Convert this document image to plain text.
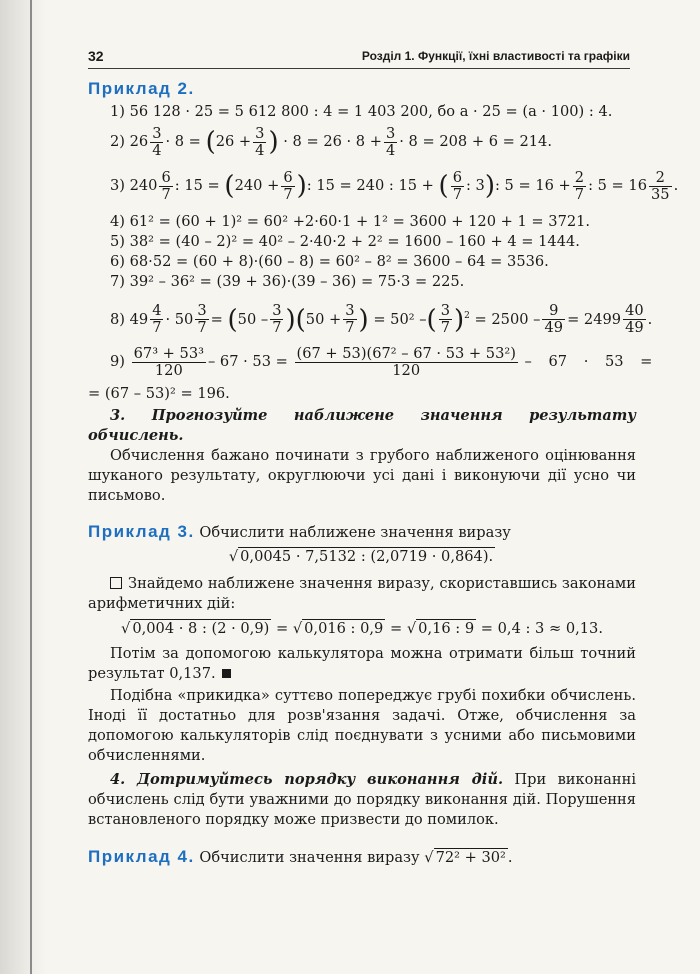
32	Розділ 1. Функції, їхні властивості та графіки
Приклад 2.
1) 56 128 · 25 = 5 612 800 : 4 = 1 403 200, бо a · 25 = (a · 100) : 4.
2) $26 \frac{3}{4} \cdot 8 = (26 + \frac{3}{4}$ ) · $8 = 26 \cdot 8 + \frac{3}{4} \cdot 8 = 208 + 6 = 214$.
3) $240 \frac{6}{7}$ : $15 = (240 + \frac{6}{7}$ ): 15 = 240 : 15 + ( $\frac{6}{7}$ : 3): $5 = 16 + \frac{2}{7}$ : $5 = 16 \frac{2}{35}$ .
4) 61² = (60 + 1)² = 60² +2·60·1 + 1² = 3600 + 120 + 1 = 3721.
5) 38² = (40 – 2)² = 40² – 2·40·2 + 2² = 1600 – 160 + 4 = 1444.
6) 68·52 = (60 + 8)·(60 – 8) = 60² – 8² = 3600 – 64 = 3536.
7) 39² – 36² = (39 + 36)·(39 – 36) = 75·3 = 225.
8) $49 \frac{4}{7} \cdot 50 \frac{3}{7} = (50 - \frac{3}{7} )(50 + \frac{3}{7}$ ) = 50² –( $\frac{3}{7} )^2 = 2500 - \frac{9}{49} = 2499 \frac{40}{49}$ .
$9) \frac{\text{67³ + 53³}}{120} - 67 \cdot 53 = \frac{\text{(67 + 53)(67² – 67 · 53 + 53²)}}{120} - 67 \cdot 53$ =
= (67 – 53)² = 196.
3. Прогнозуйте наближене значення результату обчислень.
Обчислення бажано починати з грубого наближеного оцінювання шуканого результату, округлюючи усі дані і виконуючи дії усно чи письмово.
Приклад 3. Обчислити наближене значення виразу
√ 0,0045 · 7,5132 : (2,0719 · 0,864).
Знайдемо наближене значення виразу, скориставшись законами арифметичних дій:
√ 0,004 · 8 : (2 · 0,9) = √ 0,016 : 0,9 = √ 0,16 : 9 = 0,4 : 3 ≈ 0,13.
Потім за допомогою калькулятора можна отримати більш точний результат 0,137.
Подібна «прикидка» суттєво попереджує грубі похибки обчислень. Іноді її достатньо для розв'язання задачі. Отже, обчислення за допомогою калькуляторів слід поєднувати з усними або письмовими обчисленнями.
4. Дотримуйтесь порядку виконання дій. При виконанні обчислень слід бути уважними до порядку виконання дій. Порушення встановленого порядку може призвести до помилок.
Приклад 4. Обчислити значення виразу √ 72² + 30² .
